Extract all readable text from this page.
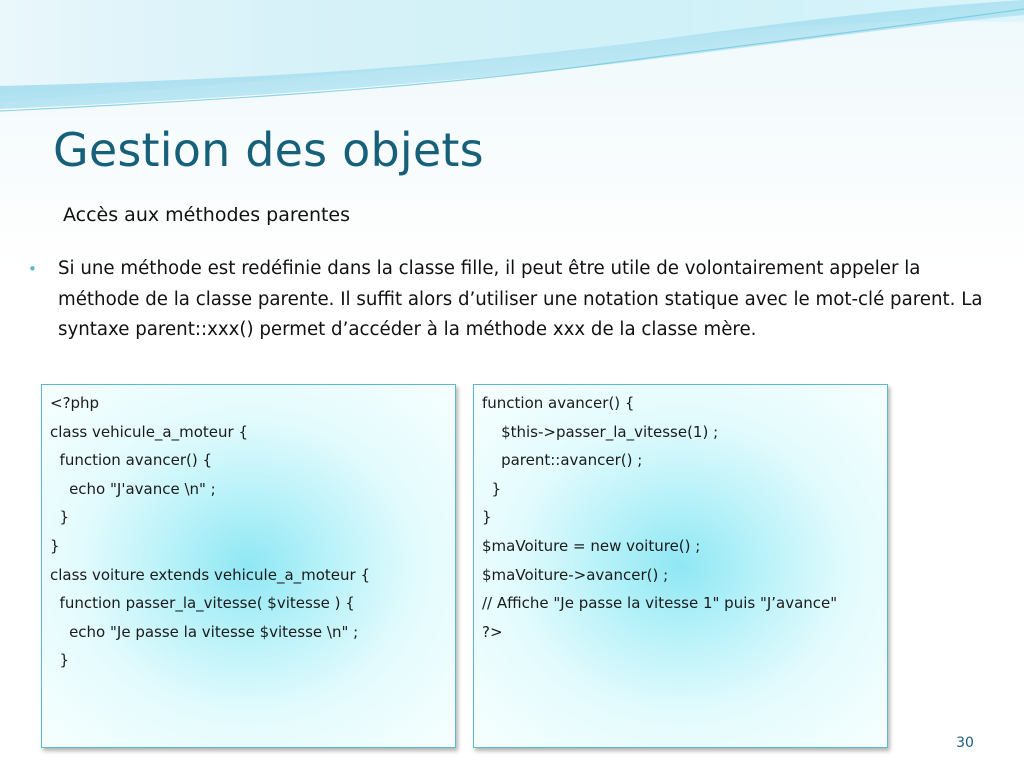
Gestion des objets
Accès aux méthodes parentes
• Si une méthode est redéfinie dans la classe fille, il peut être utile de volontairement appeler la méthode de la classe parente. Il suffit alors d’utiliser une notation statique avec le mot-clé parent. La syntaxe parent::xxx() permet d’accéder à la méthode xxx de la classe mère.
<?php
class vehicule_a_moteur {
function avancer() {
echo "J'avance \n" ;
}
}
class voiture extends vehicule_a_moteur {
function passer_la_vitesse( $vitesse ) {
echo "Je passe la vitesse $vitesse \n" ;
}
function avancer() {
$this->passer_la_vitesse(1) ;
parent::avancer() ;
}
}
$maVoiture = new voiture() ;
$maVoiture->avancer() ;
// Affiche "Je passe la vitesse 1" puis "J’avance"
?>
30
